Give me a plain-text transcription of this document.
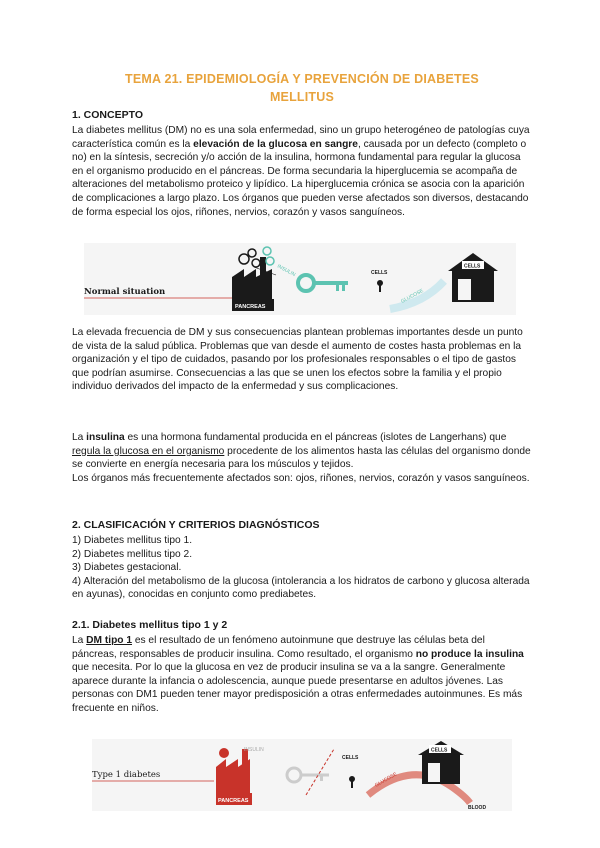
TEMA 21. EPIDEMIOLOGÍA Y PREVENCIÓN DE DIABETES
MELLITUS
1. CONCEPTO

La diabetes mellitus (DM) no es una sola enfermedad, sino un grupo heterogéneo de patologías cuya característica común es la elevación de la glucosa en sangre, causada por un defecto (completo o no) en la síntesis, secreción y/o acción de la insulina, hormona fundamental para regular la glucosa en el organismo producido en el páncreas. De forma secundaria la hiperglucemia se acompaña de alteraciones del metabolismo proteico y lipídico. La hiperglucemia crónica se asocia con la aparición de complicaciones a largo plazo. Los órganos que pueden verse afectados son diversos, destacando de forma especial los ojos, riñones, nervios, corazón y vasos sanguíneos.

Normal situation
PANCREAS
INSULIN	CELLS
GLUCOSE
CELLS

La elevada frecuencia de DM y sus consecuencias plantean problemas importantes desde un punto de vista de la salud pública. Problemas que van desde el aumento de costes hasta problemas en la organización y el tipo de cuidados, pasando por los profesionales responsables o el tipo de gastos que podrían asumirse. Consecuencias a las que se unen los efectos sobre la familia y el propio individuo derivados del impacto de la enfermedad y sus complicaciones.

La insulina es una hormona fundamental producida en el páncreas (islotes de Langerhans) que regula la glucosa en el organismo procedente de los alimentos hasta las células del organismo donde se convierte en energía necesaria para los músculos y tejidos.
Los órganos más frecuentemente afectados son: ojos, riñones, nervios, corazón y vasos sanguíneos.

2. CLASIFICACIÓN Y CRITERIOS DIAGNÓSTICOS

1) Diabetes mellitus tipo 1.
2) Diabetes mellitus tipo 2.
3) Diabetes gestacional.
4) Alteración del metabolismo de la glucosa (intolerancia a los hidratos de carbono y glucosa alterada en ayunas), conocidas en conjunto como prediabetes.

2.1. Diabetes mellitus tipo 1 y 2

La DM tipo 1 es el resultado de un fenómeno autoinmune que destruye las células beta del páncreas, responsables de producir insulina. Como resultado, el organismo no produce la insulina que necesita. Por lo que la glucosa en vez de producir insulina se va a la sangre. Generalmente aparece durante la infancia o adolescencia, aunque puede presentarse en adultos jóvenes. Las personas con DM1 pueden tener mayor predisposición a otras enfermedades autoinmunes. Es más frecuente en niños.

Type 1 diabetes
INSULIN
PANCREAS
CELLS
GLUCOSE
CELLS
BLOOD
